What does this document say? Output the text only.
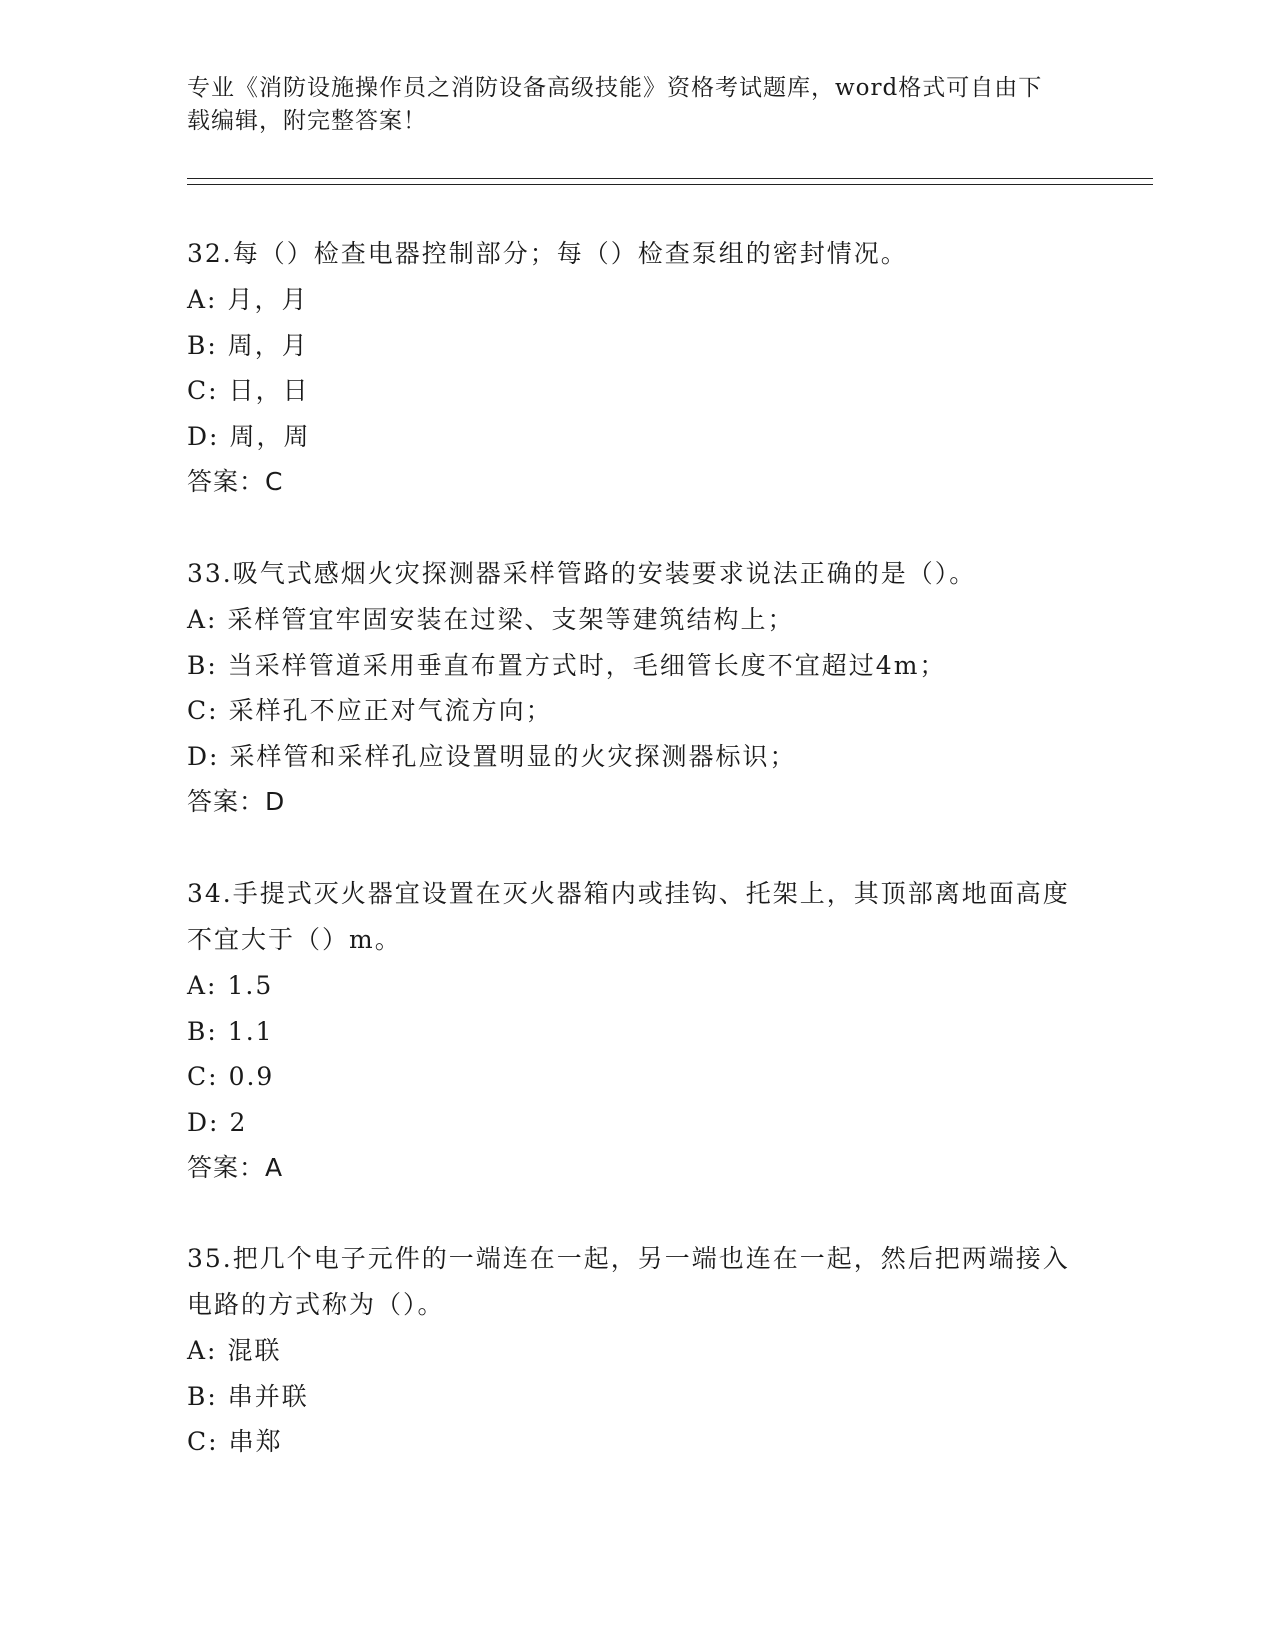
专业《消防设施操作员之消防设备高级技能》资格考试题库，word格式可自由下
载编辑，附完整答案！

32.每（）检查电器控制部分；每（）检查泵组的密封情况。

A: 月，月

B: 周，月

C: 日，日

D: 周，周

答案：C

33.吸气式感烟火灾探测器采样管路的安装要求说法正确的是（）。

A: 采样管宜牢固安装在过梁、支架等建筑结构上；

B: 当采样管道采用垂直布置方式时，毛细管长度不宜超过4m；

C: 采样孔不应正对气流方向；

D: 采样管和采样孔应设置明显的火灾探测器标识；

答案：D

34.手提式灭火器宜设置在灭火器箱内或挂钩、托架上，其顶部离地面高度不宜大于（）m。

A: 1.5

B: 1.1

C: 0.9

D: 2

答案：A

35.把几个电子元件的一端连在一起，另一端也连在一起，然后把两端接入电路的方式称为（）。

A: 混联

B: 串并联

C: 串郑
